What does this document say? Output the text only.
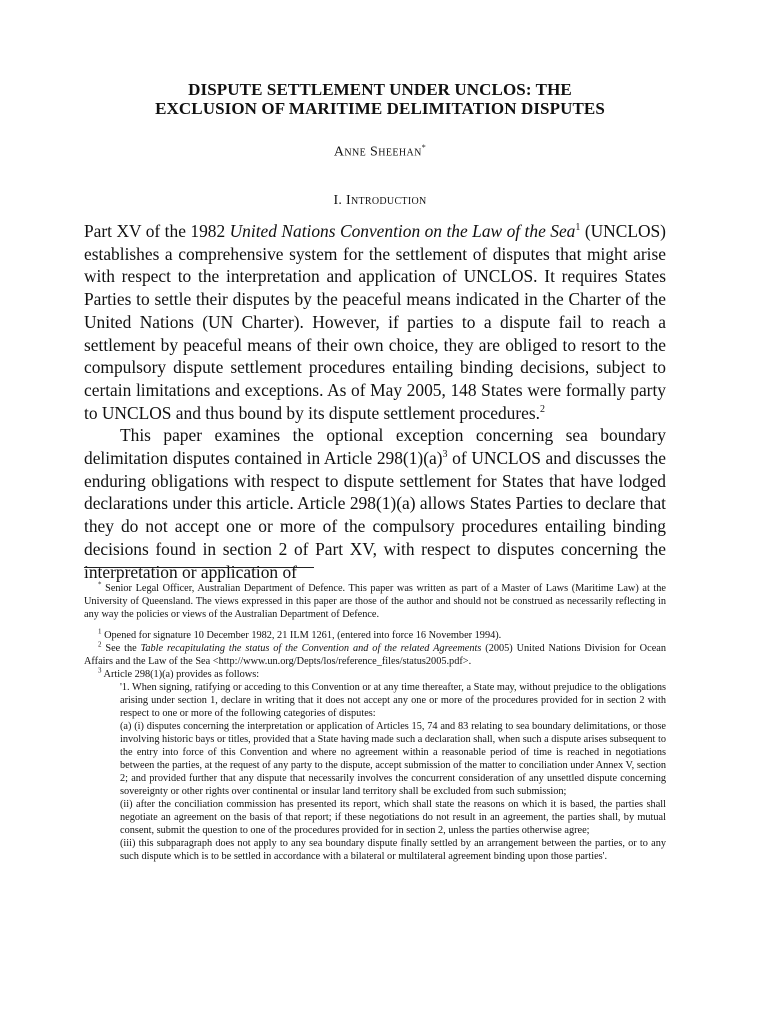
DISPUTE SETTLEMENT UNDER UNCLOS: THE
EXCLUSION OF MARITIME DELIMITATION DISPUTES
Anne Sheehan*
I. Introduction

Part XV of the 1982 United Nations Convention on the Law of the Sea$^1$ (UNCLOS) establishes a comprehensive system for the settlement of disputes that might arise with respect to the interpretation and application of UNCLOS. It requires States Parties to settle their disputes by the peaceful means indicated in the Charter of the United Nations (UN Charter). However, if parties to a dispute fail to reach a settlement by peaceful means of their own choice, they are obliged to resort to the compulsory dispute settlement procedures entailing binding decisions, subject to certain limitations and exceptions. As of May 2005, 148 States were formally party to UNCLOS and thus bound by its dispute settlement procedures.$^2$

This paper examines the optional exception concerning sea boundary delimitation disputes contained in Article $298(1)(a)^3$ of UNCLOS and discusses the enduring obligations with respect to dispute settlement for States that have lodged declarations under this article. Article 298(1)(a) allows States Parties to declare that they do not accept one or more of the compulsory procedures entailing binding decisions found in section 2 of Part XV, with respect to disputes concerning the interpretation or application of

* Senior Legal Officer, Australian Department of Defence. This paper was written as part of a Master of Laws (Maritime Law) at the University of Queensland. The views expressed in this paper are those of the author and should not be construed as necessarily reflecting in any way the policies or views of the Australian Department of Defence.

$^1$ Opened for signature 10 December 1982, 21 ILM 1261, (entered into force 16 November 1994).

$^2$ See the Table recapitulating the status of the Convention and of the related Agreements (2005) United Nations Division for Ocean Affairs and the Law of the Sea <http://www.un.org/Depts/los/reference_files/status2005.pdf>.

$^3$ Article 298(1)(a) provides as follows:

'1. When signing, ratifying or acceding to this Convention or at any time thereafter, a State may, without prejudice to the obligations arising under section 1, declare in writing that it does not accept any one or more of the procedures provided for in section 2 with respect to one or more of the following categories of disputes:

(a) (i) disputes concerning the interpretation or application of Articles 15, 74 and 83 relating to sea boundary delimitations, or those involving historic bays or titles, provided that a State having made such a declaration shall, when such a dispute arises subsequent to the entry into force of this Convention and where no agreement within a reasonable period of time is reached in negotiations between the parties, at the request of any party to the dispute, accept submission of the matter to conciliation under Annex V, section 2; and provided further that any dispute that necessarily involves the concurrent consideration of any unsettled dispute concerning sovereignty or other rights over continental or insular land territory shall be excluded from such submission;

(ii) after the conciliation commission has presented its report, which shall state the reasons on which it is based, the parties shall negotiate an agreement on the basis of that report; if these negotiations do not result in an agreement, the parties shall, by mutual consent, submit the question to one of the procedures provided for in section 2, unless the parties otherwise agree;

(iii) this subparagraph does not apply to any sea boundary dispute finally settled by an arrangement between the parties, or to any such dispute which is to be settled in accordance with a bilateral or multilateral agreement binding upon those parties'.
